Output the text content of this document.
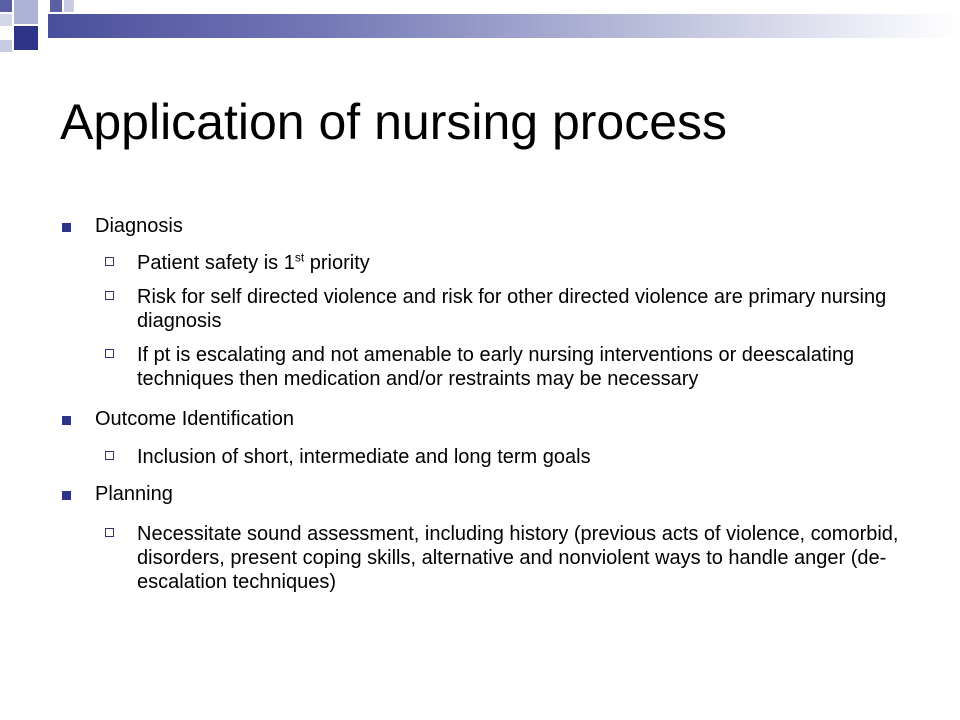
Application of nursing process
Diagnosis
Patient safety is 1st priority
Risk for self directed violence and risk for other directed violence are primary nursing diagnosis
If pt is escalating and not amenable to early nursing interventions or deescalating techniques then medication and/or restraints may be necessary
Outcome Identification
Inclusion of short, intermediate and long term goals
Planning
Necessitate sound assessment, including history (previous acts of violence, comorbid, disorders, present coping skills, alternative and nonviolent ways to handle anger (de-escalation techniques)
